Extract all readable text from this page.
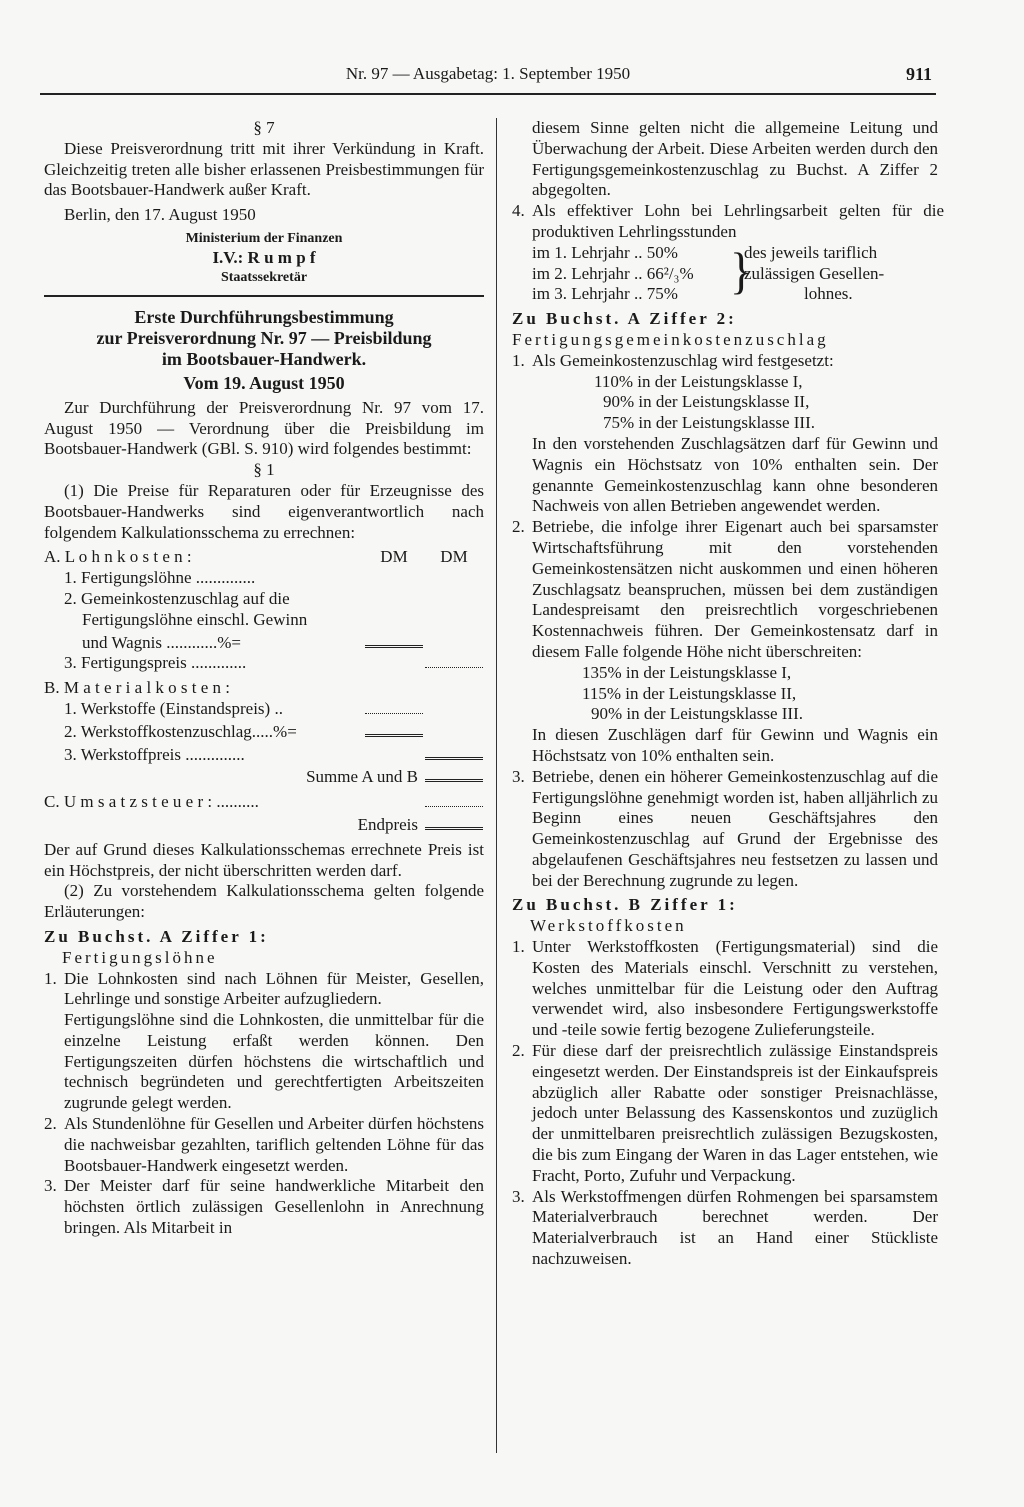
Nr. 97 — Ausgabetag: 1. September 1950	911

§ 7

Diese Preisverordnung tritt mit ihrer Verkündung in Kraft. Gleichzeitig treten alle bisher erlassenen Preisbestimmungen für das Bootsbauer-Handwerk außer Kraft.

Berlin, den 17. August 1950

Ministerium der Finanzen

I.V.: R u m p f

Staatssekretär

Erste Durchführungsbestimmung
zur Preisverordnung Nr. 97 — Preisbildung
im Bootsbauer-Handwerk.
Vom 19. August 1950

Zur Durchführung der Preisverordnung Nr. 97 vom 17. August 1950 — Verordnung über die Preisbildung im Bootsbauer-Handwerk (GBl. S. 910) wird folgendes bestimmt:

§ 1

(1) Die Preise für Reparaturen oder für Erzeugnisse des Bootsbauer-Handwerks sind eigenverantwortlich nach folgendem Kalkulationsschema zu errechnen:

A. L o h n k o s t e n :	DM	DM
1. Fertigungslöhne ..............
2. Gemeinkostenzuschlag auf die
Fertigungslöhne einschl. Gewinn
und Wagnis ............%=
3. Fertigungspreis .............
B. M a t e r i a l k o s t e n :
1. Werkstoffe (Einstandspreis) ..
2. Werkstoffkostenzuschlag.....%=
3. Werkstoffpreis ..............
Summe A und B
C. U m s a t z s t e u e r : ..........
Endpreis

Der auf Grund dieses Kalkulationsschemas errechnete Preis ist ein Höchstpreis, der nicht überschritten werden darf.

(2) Zu vorstehendem Kalkulationsschema gelten folgende Erläuterungen:

Zu Buchst. A Ziffer 1:

Fertigungslöhne

1. Die Lohnkosten sind nach Löhnen für Meister, Gesellen, Lehrlinge und sonstige Arbeiter aufzugliedern.

Fertigungslöhne sind die Lohnkosten, die unmittelbar für die einzelne Leistung erfaßt werden können. Den Fertigungszeiten dürfen höchstens die wirtschaftlich und technisch begründeten und gerechtfertigten Arbeitszeiten zugrunde gelegt werden.

2. Als Stundenlöhne für Gesellen und Arbeiter dürfen höchstens die nachweisbar gezahlten, tariflich geltenden Löhne für das Bootsbauer-Handwerk eingesetzt werden.

3. Der Meister darf für seine handwerkliche Mitarbeit den höchsten örtlich zulässigen Gesellenlohn in Anrechnung bringen. Als Mitarbeit in

diesem Sinne gelten nicht die allgemeine Leitung und Überwachung der Arbeit. Diese Arbeiten werden durch den Fertigungsgemeinkostenzuschlag zu Buchst. A Ziffer 2 abgegolten.

4. Als effektiver Lohn bei Lehrlingsarbeit gelten für die produktiven Lehrlingsstunden

im 1. Lehrjahr .. 50%
im 2. Lehrjahr .. 66²/₃%
im 3. Lehrjahr .. 75%	}
des jeweils tariflich
zulässigen Gesellen-
lohnes.

Zu Buchst. A Ziffer 2:

Fertigungsgemeinkostenzuschlag

1. Als Gemeinkostenzuschlag wird festgesetzt:

110% in der Leistungsklasse I,
90% in der Leistungsklasse II,
75% in der Leistungsklasse III.

In den vorstehenden Zuschlagsätzen darf für Gewinn und Wagnis ein Höchstsatz von 10% enthalten sein. Der genannte Gemeinkostenzuschlag kann ohne besonderen Nachweis von allen Betrieben angewendet werden.

2. Betriebe, die infolge ihrer Eigenart auch bei sparsamster Wirtschaftsführung mit den vorstehenden Gemeinkostensätzen nicht auskommen und einen höheren Zuschlagsatz beanspruchen, müssen bei dem zuständigen Landespreisamt den preisrechtlich vorgeschriebenen Kostennachweis führen. Der Gemeinkostensatz darf in diesem Falle folgende Höhe nicht überschreiten:

135% in der Leistungsklasse I,
115% in der Leistungsklasse II,
90% in der Leistungsklasse III.

In diesen Zuschlägen darf für Gewinn und Wagnis ein Höchstsatz von 10% enthalten sein.

3. Betriebe, denen ein höherer Gemeinkostenzuschlag auf die Fertigungslöhne genehmigt worden ist, haben alljährlich zu Beginn eines neuen Geschäftsjahres den Gemeinkostenzuschlag auf Grund der Ergebnisse des abgelaufenen Geschäftsjahres neu festsetzen zu lassen und bei der Berechnung zugrunde zu legen.

Zu Buchst. B Ziffer 1:

Werkstoffkosten

1. Unter Werkstoffkosten (Fertigungsmaterial) sind die Kosten des Materials einschl. Verschnitt zu verstehen, welches unmittelbar für die Leistung oder den Auftrag verwendet wird, also insbesondere Fertigungswerkstoffe und -teile sowie fertig bezogene Zulieferungsteile.

2. Für diese darf der preisrechtlich zulässige Einstandspreis eingesetzt werden. Der Einstandspreis ist der Einkaufspreis abzüglich aller Rabatte oder sonstiger Preisnachlässe, jedoch unter Belassung des Kassenskontos und zuzüglich der unmittelbaren preisrechtlich zulässigen Bezugskosten, die bis zum Eingang der Waren in das Lager entstehen, wie Fracht, Porto, Zufuhr und Verpackung.

3. Als Werkstoffmengen dürfen Rohmengen bei sparsamstem Materialverbrauch berechnet werden. Der Materialverbrauch ist an Hand einer Stückliste nachzuweisen.
